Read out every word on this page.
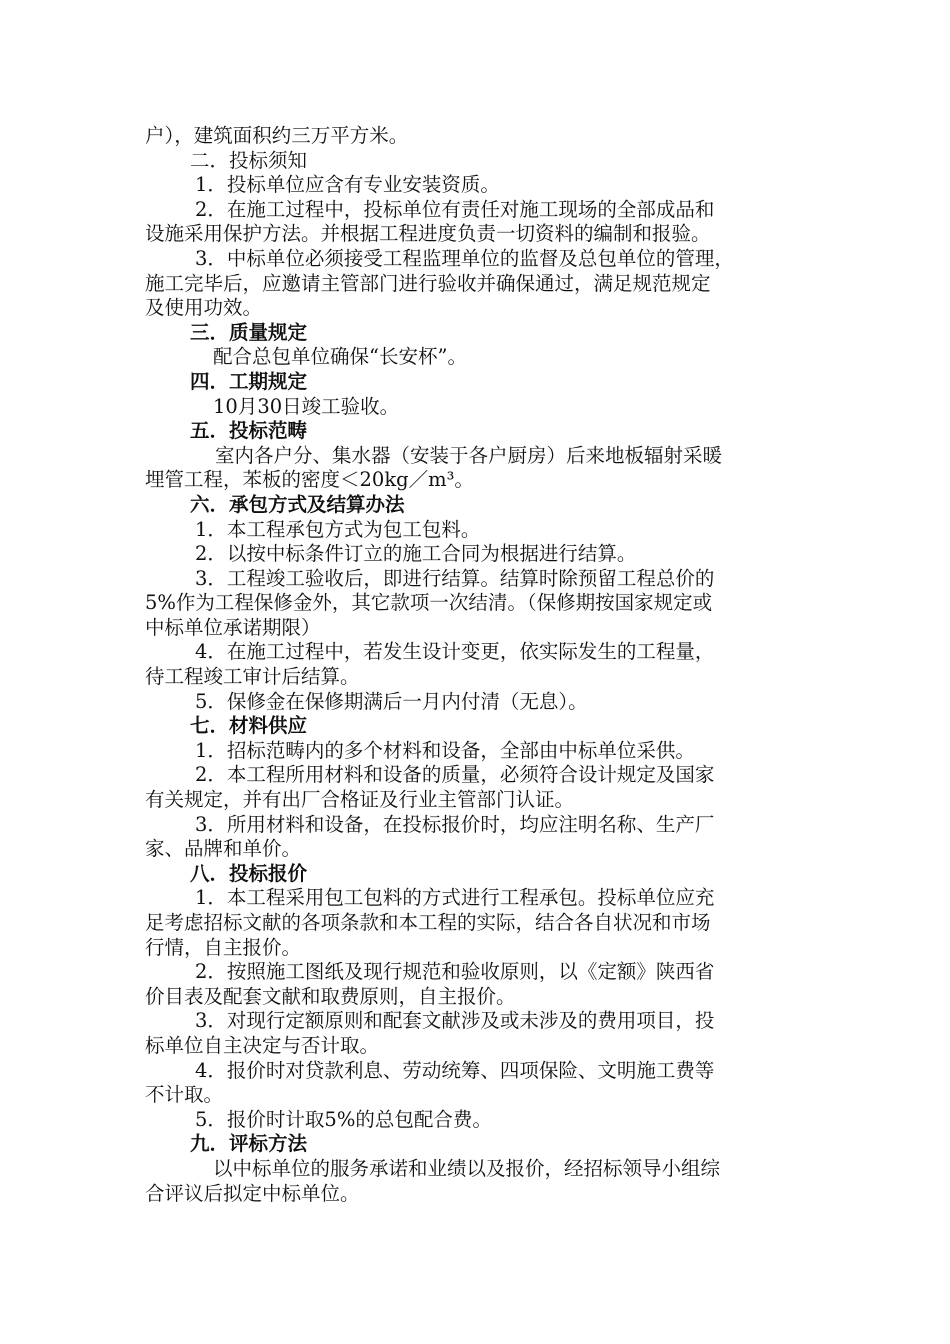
户），建筑面积约三万平方米。
二．投标须知
1．投标单位应含有专业安装资质。
2．在施工过程中，投标单位有责任对施工现场的全部成品和
设施采用保护方法。并根据工程进度负责一切资料的编制和报验。
3．中标单位必须接受工程监理单位的监督及总包单位的管理，
施工完毕后，应邀请主管部门进行验收并确保通过，满足规范规定
及使用功效。
三．质量规定
配合总包单位确保“长安杯”。
四．工期规定
10月30日竣工验收。
五．投标范畴
室内各户分、集水器（安装于各户厨房）后来地板辐射采暖
埋管工程，苯板的密度＜20kg／m³。
六．承包方式及结算办法
1．本工程承包方式为包工包料。
2．以按中标条件订立的施工合同为根据进行结算。
3．工程竣工验收后，即进行结算。结算时除预留工程总价的
5%作为工程保修金外，其它款项一次结清。（保修期按国家规定或
中标单位承诺期限）
4．在施工过程中，若发生设计变更，依实际发生的工程量，
待工程竣工审计后结算。
5．保修金在保修期满后一月内付清（无息）。
七．材料供应
1．招标范畴内的多个材料和设备，全部由中标单位采供。
2．本工程所用材料和设备的质量，必须符合设计规定及国家
有关规定，并有出厂合格证及行业主管部门认证。
3．所用材料和设备，在投标报价时，均应注明名称、生产厂
家、品牌和单价。
八．投标报价
1．本工程采用包工包料的方式进行工程承包。投标单位应充
足考虑招标文献的各项条款和本工程的实际，结合各自状况和市场
行情，自主报价。
2．按照施工图纸及现行规范和验收原则，以《定额》陕西省
价目表及配套文献和取费原则，自主报价。
3．对现行定额原则和配套文献涉及或未涉及的费用项目，投
标单位自主决定与否计取。
4．报价时对贷款利息、劳动统筹、四项保险、文明施工费等
不计取。
5．报价时计取5%的总包配合费。
九．评标方法
以中标单位的服务承诺和业绩以及报价，经招标领导小组综
合评议后拟定中标单位。
